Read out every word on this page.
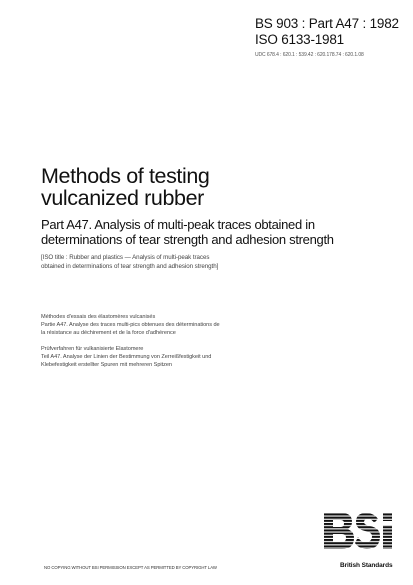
BS 903 : Part A47 : 1982
ISO 6133-1981
UDC 678.4 : 620.1 : 539.42 : 620.178.74 : 620.1.08
Methods of testing
vulcanized rubber
Part A47. Analysis of multi-peak traces obtained in
determinations of tear strength and adhesion strength
[ISO title : Rubber and plastics — Analysis of multi-peak traces
obtained in determinations of tear strength and adhesion strength]
Méthodes d'essais des élastomères vulcanisés
Partie A47. Analyse des traces multi-pics obtenues des déterminations de
la résistance au déchirement et de la force d'adhérence
Prüfverfahren für vulkanisierte Elastomere
Teil A47. Analyse der Linien der Bestimmung von Zerreißfestigkeit und
Klebefestigkeit erstellter Spuren mit mehreren Spitzen
British Standards
NO COPYING WITHOUT BSI PERMISSION EXCEPT AS PERMITTED BY COPYRIGHT LAW
